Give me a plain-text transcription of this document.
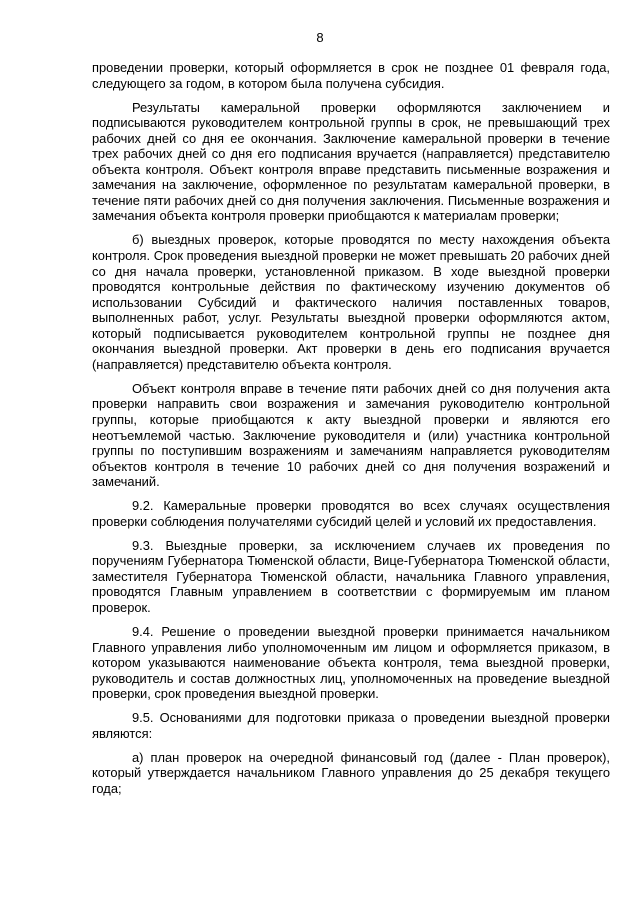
8

проведении проверки, который оформляется в срок не позднее 01 февраля года, следующего за годом, в котором была получена субсидия.

Результаты камеральной проверки оформляются заключением и подписываются руководителем контрольной группы в срок, не превышающий трех рабочих дней со дня ее окончания. Заключение камеральной проверки в течение трех рабочих дней со дня его подписания вручается (направляется) представителю объекта контроля. Объект контроля вправе представить письменные возражения и замечания на заключение, оформленное по результатам камеральной проверки, в течение пяти рабочих дней со дня получения заключения. Письменные возражения и замечания объекта контроля проверки приобщаются к материалам проверки;

б) выездных проверок, которые проводятся по месту нахождения объекта контроля. Срок проведения выездной проверки не может превышать 20 рабочих дней со дня начала проверки, установленной приказом. В ходе выездной проверки проводятся контрольные действия по фактическому изучению документов об использовании Субсидий и фактического наличия поставленных товаров, выполненных работ, услуг. Результаты выездной проверки оформляются актом, который подписывается руководителем контрольной группы не позднее дня окончания выездной проверки. Акт проверки в день его подписания вручается (направляется) представителю объекта контроля.

Объект контроля вправе в течение пяти рабочих дней со дня получения акта проверки направить свои возражения и замечания руководителю контрольной группы, которые приобщаются к акту выездной проверки и являются его неотъемлемой частью. Заключение руководителя и (или) участника контрольной группы по поступившим возражениям и замечаниям направляется руководителям объектов контроля в течение 10 рабочих дней со дня получения возражений и замечаний.

9.2. Камеральные проверки проводятся во всех случаях осуществления проверки соблюдения получателями субсидий целей и условий их предоставления.

9.3. Выездные проверки, за исключением случаев их проведения по поручениям Губернатора Тюменской области, Вице-Губернатора Тюменской области, заместителя Губернатора Тюменской области, начальника Главного управления, проводятся Главным управлением в соответствии с формируемым им планом проверок.

9.4. Решение о проведении выездной проверки принимается начальником Главного управления либо уполномоченным им лицом и оформляется приказом, в котором указываются наименование объекта контроля, тема выездной проверки, руководитель и состав должностных лиц, уполномоченных на проведение выездной проверки, срок проведения выездной проверки.

9.5. Основаниями для подготовки приказа о проведении выездной проверки являются:

а) план проверок на очередной финансовый год (далее - План проверок), который утверждается начальником Главного управления до 25 декабря текущего года;
